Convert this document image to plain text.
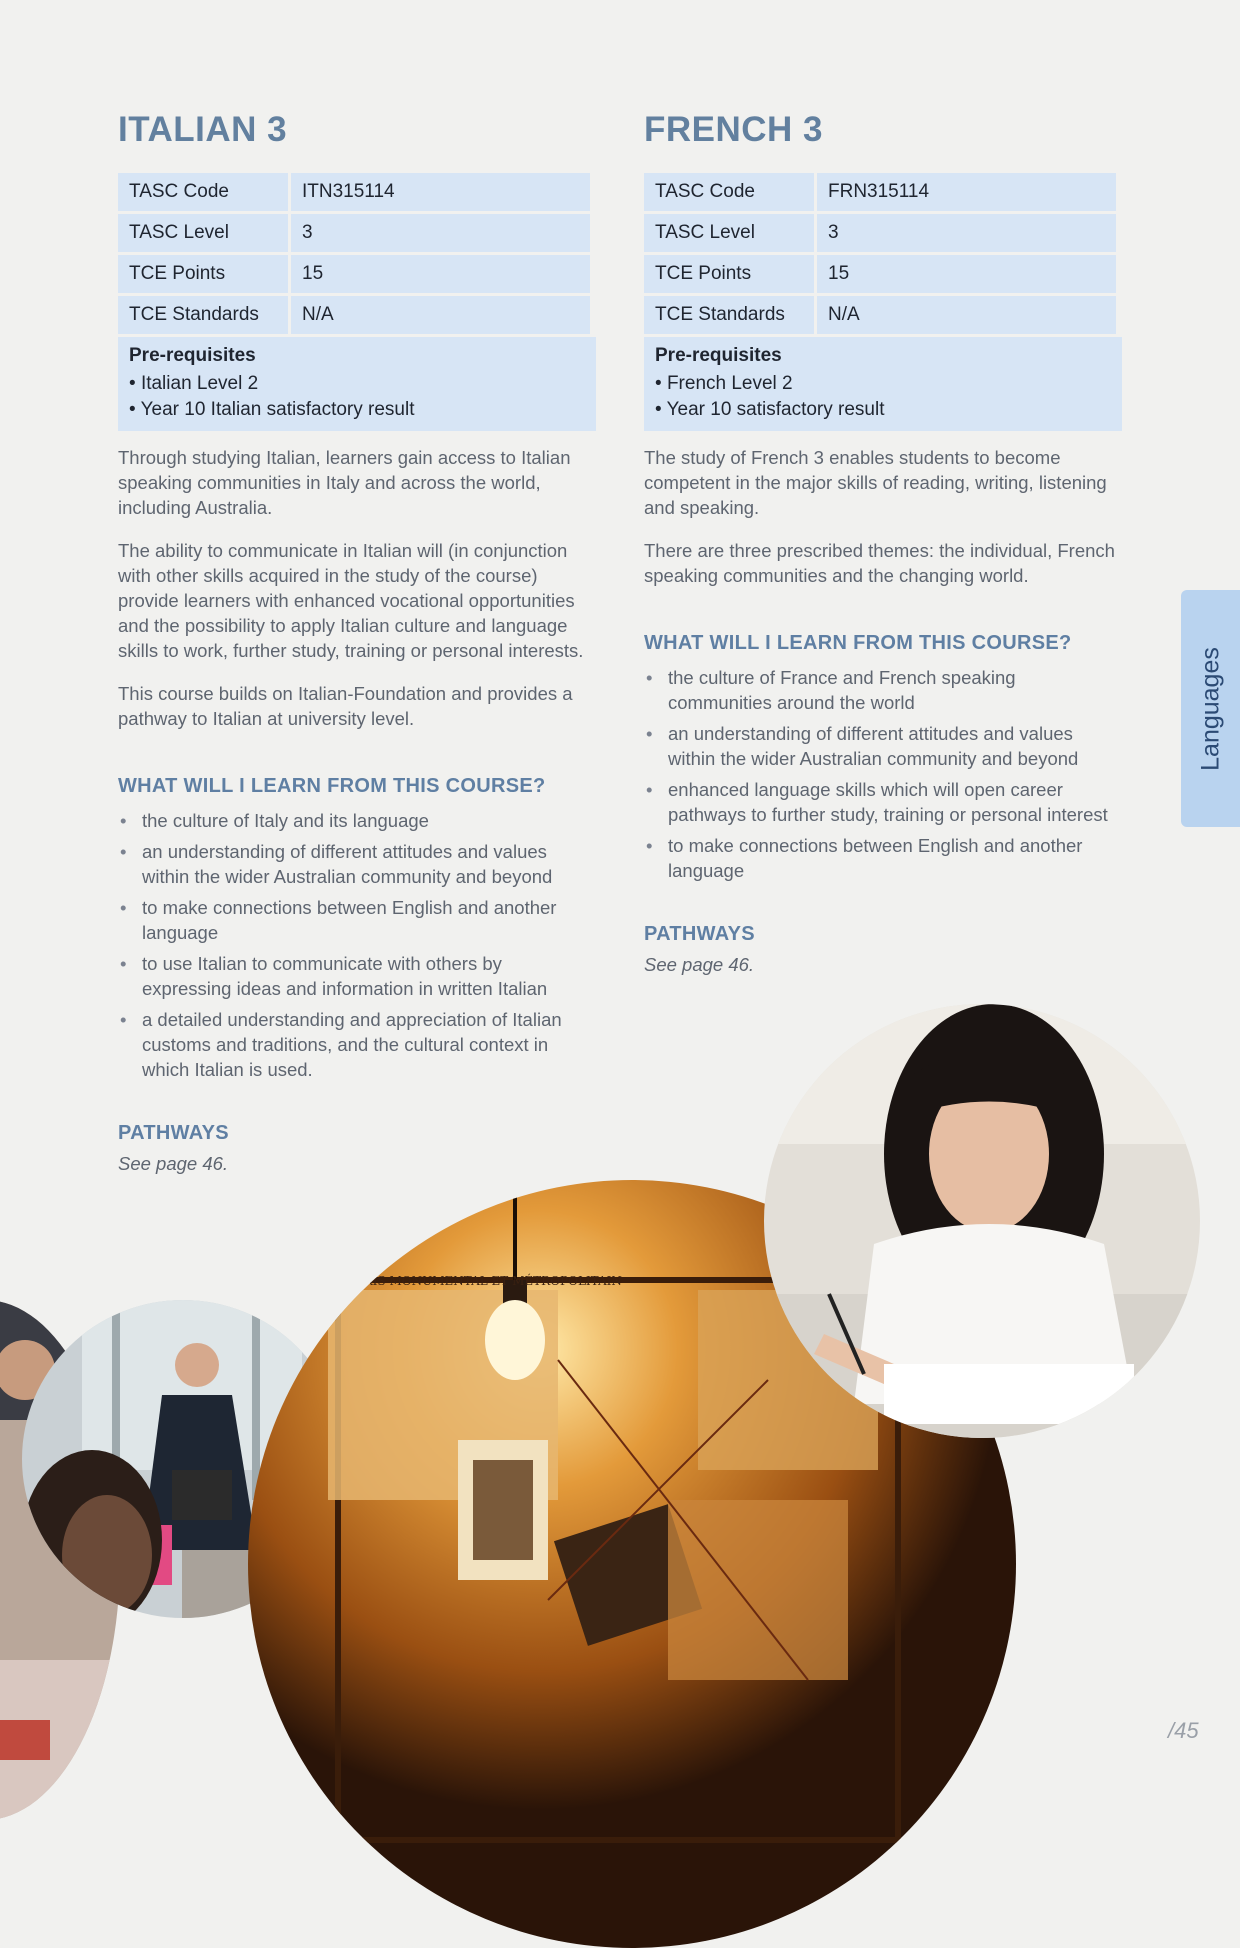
ITALIAN 3
TASC Code	ITN315114
TASC Level	3
TCE Points	15
TCE Standards	N/A
Pre-requisites
• Italian Level 2
• Year 10 Italian satisfactory result

Through studying Italian, learners gain access to Italian speaking communities in Italy and across the world, including Australia.

The ability to communicate in Italian will (in conjunction with other skills acquired in the study of the course) provide learners with enhanced vocational opportunities and the possibility to apply Italian culture and language skills to work, further study, training or personal interests.

This course builds on Italian-Foundation and provides a pathway to Italian at university level.

WHAT WILL I LEARN FROM THIS COURSE?
• the culture of Italy and its language
• an understanding of different attitudes and values within the wider Australian community and beyond
• to make connections between English and another language
• to use Italian to communicate with others by expressing ideas and information in written Italian
• a detailed understanding and appreciation of Italian customs and traditions, and the cultural context in which Italian is used.
PATHWAYS
See page 46.
FRENCH 3
TASC Code	FRN315114
TASC Level	3
TCE Points	15
TCE Standards	N/A
Pre-requisites
• French Level 2
• Year 10 satisfactory result

The study of French 3 enables students to become competent in the major skills of reading, writing, listening and speaking.

There are three prescribed themes: the individual, French speaking communities and the changing world.

WHAT WILL I LEARN FROM THIS COURSE?
• the culture of France and French speaking communities around the world
• an understanding of different attitudes and values within the wider Australian community and beyond
• enhanced language skills which will open career pathways to further study, training or personal interest
• to make connections between English and another language
PATHWAYS
See page 46.
Languages
PARIS MONUMENTAL ET MÉTROPOLITAIN
/45
